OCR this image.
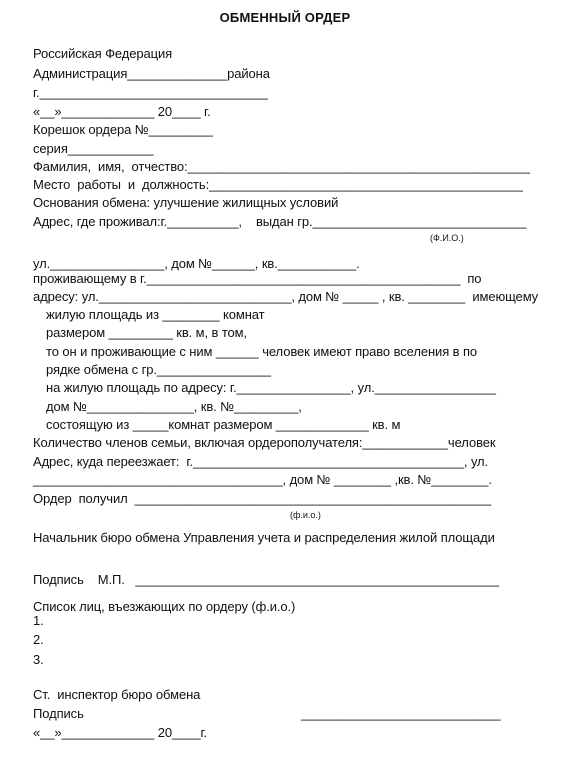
ОБМЕННЫЙ ОРДЕР
Российская Федерация
Администрация______________района
г.________________________________
«__»_____________ 20____ г.
Корешок ордера №_________
серия____________
Фамилия,  имя,  отчество:________________________________________________
Место  работы  и  должность:____________________________________________
Основания обмена: улучшение жилищных условий
Адрес, где проживал:г.__________,    выдан гр.______________________________
(Ф.И.О.)
ул.________________, дом №______, кв.___________.
проживающему в г.____________________________________________  по
адресу: ул.___________________________, дом № _____ , кв. ________  имеющему
жилую площадь из ________ комнат
размером _________ кв. м, в том,
то он и проживающие с ним ______ человек имеют право вселения в по
рядке обмена с гр.________________
на жилую площадь по адресу: г.________________, ул._________________
дом №_______________, кв. №_________,
состоящую из _____комнат размером _____________ кв. м
Количество членов семьи, включая ордерополучателя:____________человек
Адрес, куда переезжает:  г.______________________________________, ул.
___________________________________, дом № ________ ,кв. №________.
Ордер  получил  __________________________________________________
(ф.и.о.)
Начальник бюро обмена Управления учета и распределения жилой площади
Подпись    М.П.   ___________________________________________________
Список лиц, въезжающих по ордеру (ф.и.о.)
1.
2.
3.
Ст.  инспектор бюро обмена
Подпись	____________________________
«__»_____________ 20____г.
